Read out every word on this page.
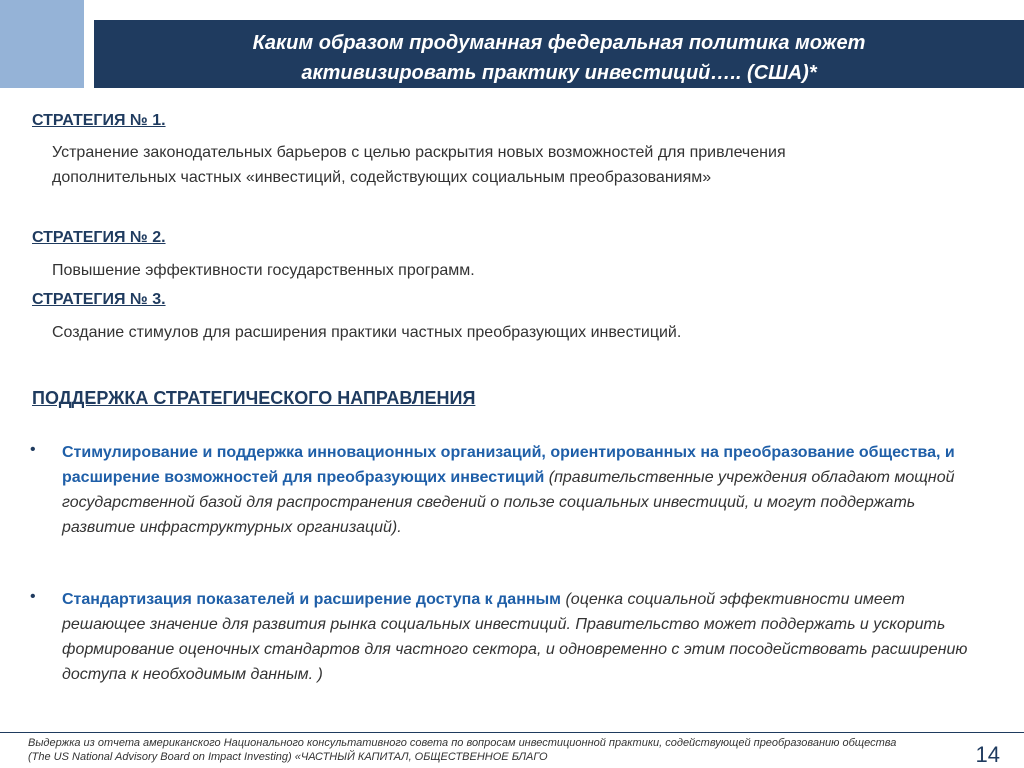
Каким образом продуманная федеральная политика может
активизировать практику инвестиций….. (США)*
СТРАТЕГИЯ № 1.
Устранение законодательных барьеров с целью раскрытия новых возможностей для привлечения дополнительных частных «инвестиций, содействующих социальным преобразованиям»
СТРАТЕГИЯ № 2.
Повышение эффективности государственных программ.
СТРАТЕГИЯ № 3.
Создание стимулов для расширения практики частных преобразующих инвестиций.
ПОДДЕРЖКА СТРАТЕГИЧЕСКОГО НАПРАВЛЕНИЯ
• Стимулирование и поддержка инновационных организаций, ориентированных на преобразование общества, и расширение возможностей для преобразующих инвестиций (правительственные учреждения обладают мощной государственной базой для распространения сведений о пользе социальных инвестиций, и могут поддержать развитие инфраструктурных организаций).
• Стандартизация показателей и расширение доступа к данным (оценка социальной эффективности имеет решающее значение для развития рынка социальных инвестиций. Правительство может поддержать и ускорить формирование оценочных стандартов для частного сектора, и одновременно с этим посодействовать расширению доступа к необходимым данным. )
Выдержка из отчета американского Национального консультативного совета по вопросам инвестиционной практики, содействующей преобразованию общества (The US National Advisory Board on Impact Investing) «ЧАСТНЫЙ КАПИТАЛ, ОБЩЕСТВЕННОЕ БЛАГО	14
